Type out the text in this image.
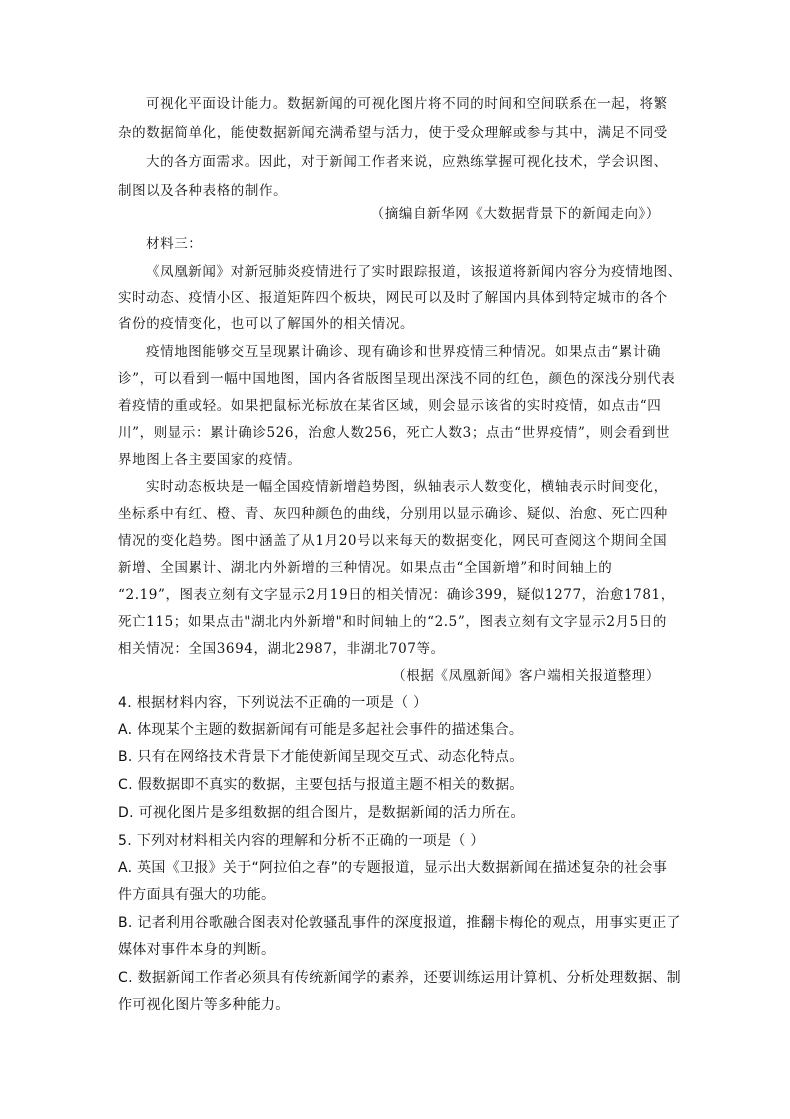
可视化平面设计能力。数据新闻的可视化图片将不同的时间和空间联系在一起，将繁
杂的数据简单化，能使数据新闻充满希望与活力，使于受众理解或参与其中，满足不同受
大的各方面需求。因此，对于新闻工作者来说，应熟练掌握可视化技术，学会识图、
制图以及各种表格的制作。
（摘编自新华网《大数据背景下的新闻走向》）
材料三：
《凤凰新闻》对新冠肺炎疫情进行了实时跟踪报道，该报道将新闻内容分为疫情地图、
实时动态、疫情小区、报道矩阵四个板块，网民可以及时了解国内具体到特定城市的各个
省份的疫情变化，也可以了解国外的相关情况。
疫情地图能够交互呈现累计确诊、现有确诊和世界疫情三种情况。如果点击“累计确
诊”，可以看到一幅中国地图，国内各省版图呈现出深浅不同的红色，颜色的深浅分别代表
着疫情的重或轻。如果把鼠标光标放在某省区域，则会显示该省的实时疫情，如点击“四
川”，则显示：累计确诊526，治愈人数256，死亡人数3；点击“世界疫情”，则会看到世
界地图上各主要国家的疫情。
实时动态板块是一幅全国疫情新增趋势图，纵轴表示人数变化，横轴表示时间变化，
坐标系中有红、橙、青、灰四种颜色的曲线，分别用以显示确诊、疑似、治愈、死亡四种
情况的变化趋势。图中涵盖了从1月20号以来每天的数据变化，网民可查阅这个期间全国
新增、全国累计、湖北内外新增的三种情况。如果点击“全国新增”和时间轴上的
“2.19”，图表立刻有文字显示2月19日的相关情况：确诊399，疑似1277，治愈1781，
死亡115；如果点击"湖北内外新增"和时间轴上的“2.5”，图表立刻有文字显示2月5日的
相关情况：全国3694，湖北2987，非湖北707等。
（根据《凤凰新闻》客户端相关报道整理）
4. 根据材料内容，下列说法不正确的一项是（ ）
A. 体现某个主题的数据新闻有可能是多起社会事件的描述集合。
B. 只有在网络技术背景下才能使新闻呈现交互式、动态化特点。
C. 假数据即不真实的数据，主要包括与报道主题不相关的数据。
D. 可视化图片是多组数据的组合图片，是数据新闻的活力所在。
5. 下列对材料相关内容的理解和分析不正确的一项是（ ）
A. 英国《卫报》关于“阿拉伯之春”的专题报道，显示出大数据新闻在描述复杂的社会事
件方面具有强大的功能。
B. 记者利用谷歌融合图表对伦敦骚乱事件的深度报道，推翻卡梅伦的观点，用事实更正了
媒体对事件本身的判断。
C. 数据新闻工作者必须具有传统新闻学的素养，还要训练运用计算机、分析处理数据、制
作可视化图片等多种能力。
